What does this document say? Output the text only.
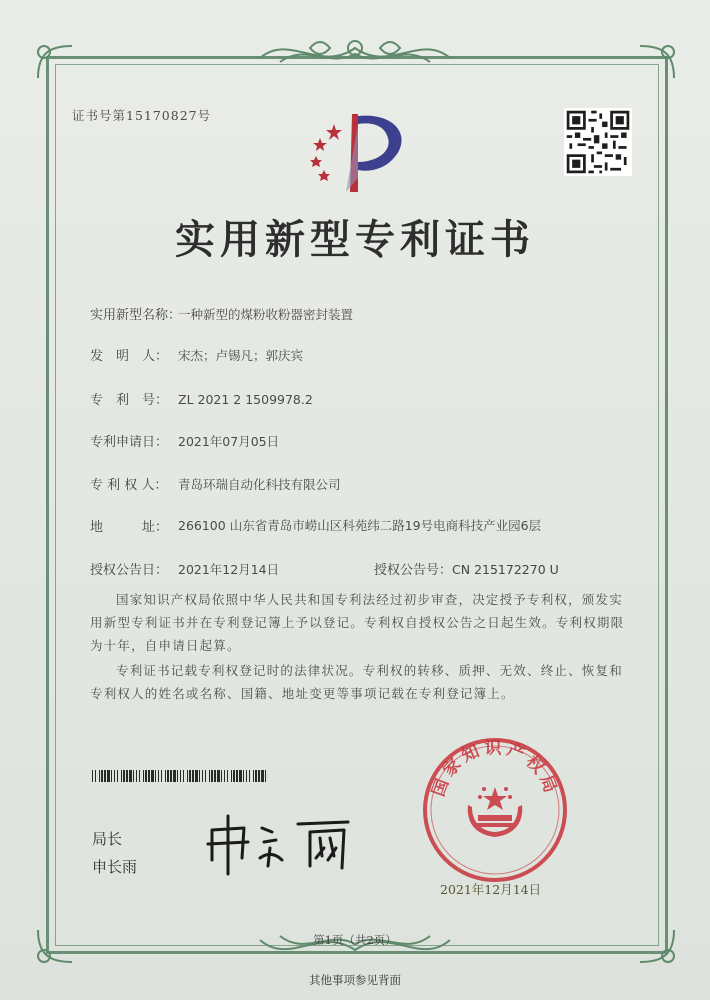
证书号第15170827号
实用新型专利证书
实用新型名称：一种新型的煤粉收粉器密封装置
发　明　人： 宋杰；卢锡凡；郭庆宾
专　利　号： ZL 2021 2 1509978.2
专利申请日： 2021年07月05日
专 利 权 人： 青岛环瑞自动化科技有限公司
地　　　址： 266100 山东省青岛市崂山区科苑纬二路19号电商科技产业园6层
授权公告日： 2021年12月14日	授权公告号：CN 215172270 U

国家知识产权局依照中华人民共和国专利法经过初步审查，决定授予专利权，颁发实用新型专利证书并在专利登记簿上予以登记。专利权自授权公告之日起生效。专利权期限为十年，自申请日起算。

专利证书记载专利权登记时的法律状况。专利权的转移、质押、无效、终止、恢复和专利权人的姓名或名称、国籍、地址变更等事项记载在专利登记簿上。

局长
申长雨
国家知识产权局
2021年12月14日
第1页（共2页）
其他事项参见背面
